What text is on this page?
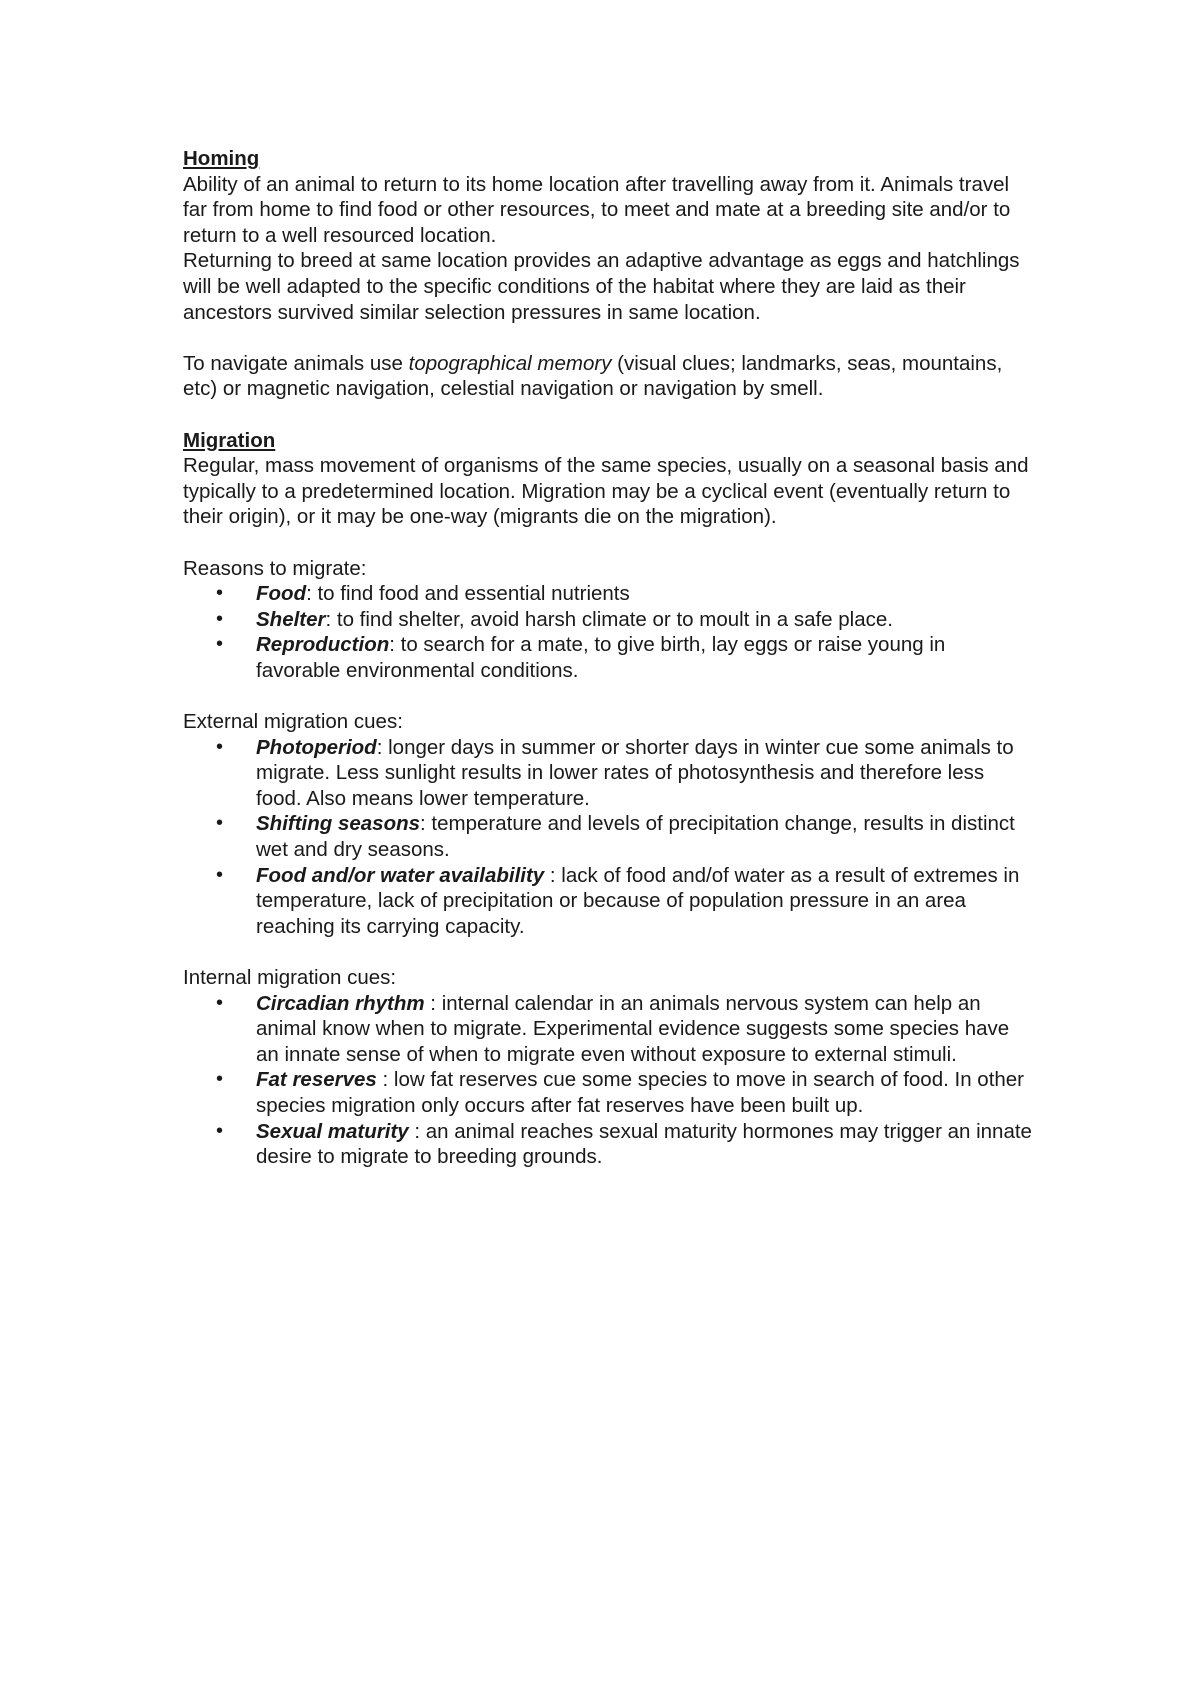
Homing

Ability of an animal to return to its home location after travelling away from it. Animals travel far from home to find food or other resources, to meet and mate at a breeding site and/or to return to a well resourced location.

Returning to breed at same location provides an adaptive advantage as eggs and hatchlings will be well adapted to the specific conditions of the habitat where they are laid as their ancestors survived similar selection pressures in same location.

To navigate animals use topographical memory (visual clues; landmarks, seas, mountains, etc) or magnetic navigation, celestial navigation or navigation by smell.

Migration

Regular, mass movement of organisms of the same species, usually on a seasonal basis and typically to a predetermined location. Migration may be a cyclical event (eventually return to their origin), or it may be one-way (migrants die on the migration).

Reasons to migrate:

• Food: to find food and essential nutrients
• Shelter: to find shelter, avoid harsh climate or to moult in a safe place.
• Reproduction: to search for a mate, to give birth, lay eggs or raise young in favorable environmental conditions.

External migration cues:

• Photoperiod: longer days in summer or shorter days in winter cue some animals to migrate. Less sunlight results in lower rates of photosynthesis and therefore less food. Also means lower temperature.
• Shifting seasons: temperature and levels of precipitation change, results in distinct wet and dry seasons.
• Food and/or water availability : lack of food and/of water as a result of extremes in temperature, lack of precipitation or because of population pressure in an area reaching its carrying capacity.

Internal migration cues:

• Circadian rhythm : internal calendar in an animals nervous system can help an animal know when to migrate. Experimental evidence suggests some species have an innate sense of when to migrate even without exposure to external stimuli.
• Fat reserves : low fat reserves cue some species to move in search of food. In other species migration only occurs after fat reserves have been built up.
• Sexual maturity : an animal reaches sexual maturity hormones may trigger an innate desire to migrate to breeding grounds.
